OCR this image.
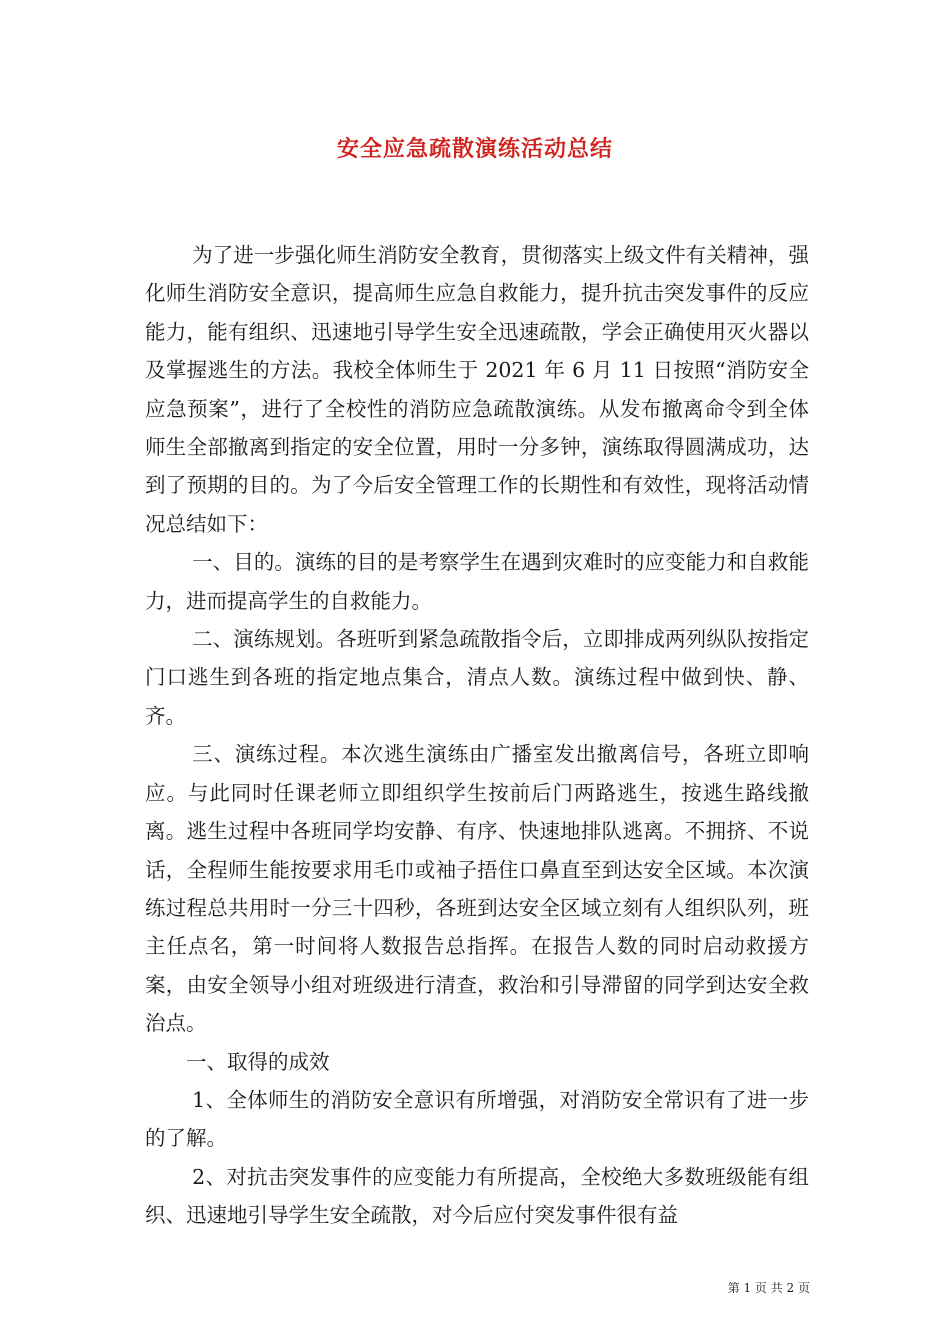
安全应急疏散演练活动总结

为了进一步强化师生消防安全教育，贯彻落实上级文件有关精神，强化师生消防安全意识，提高师生应急自救能力，提升抗击突发事件的反应能力，能有组织、迅速地引导学生安全迅速疏散，学会正确使用灭火器以及掌握逃生的方法。我校全体师生于 2021 年 6 月 11 日按照“消防安全应急预案”，进行了全校性的消防应急疏散演练。从发布撤离命令到全体师生全部撤离到指定的安全位置，用时一分多钟，演练取得圆满成功，达到了预期的目的。为了今后安全管理工作的长期性和有效性，现将活动情况总结如下：

一、目的。演练的目的是考察学生在遇到灾难时的应变能力和自救能力，进而提高学生的自救能力。

二、演练规划。各班听到紧急疏散指令后，立即排成两列纵队按指定门口逃生到各班的指定地点集合，清点人数。演练过程中做到快、静、齐。

三、演练过程。本次逃生演练由广播室发出撤离信号，各班立即响应。与此同时任课老师立即组织学生按前后门两路逃生，按逃生路线撤离。逃生过程中各班同学均安静、有序、快速地排队逃离。不拥挤、不说话，全程师生能按要求用毛巾或袖子捂住口鼻直至到达安全区域。本次演练过程总共用时一分三十四秒，各班到达安全区域立刻有人组织队列，班主任点名，第一时间将人数报告总指挥。在报告人数的同时启动救援方案，由安全领导小组对班级进行清查，救治和引导滞留的同学到达安全救治点。

一、取得的成效

1、全体师生的消防安全意识有所增强，对消防安全常识有了进一步的了解。

2、对抗击突发事件的应变能力有所提高，全校绝大多数班级能有组织、迅速地引导学生安全疏散，对今后应付突发事件很有益

第 1 页 共 2 页
